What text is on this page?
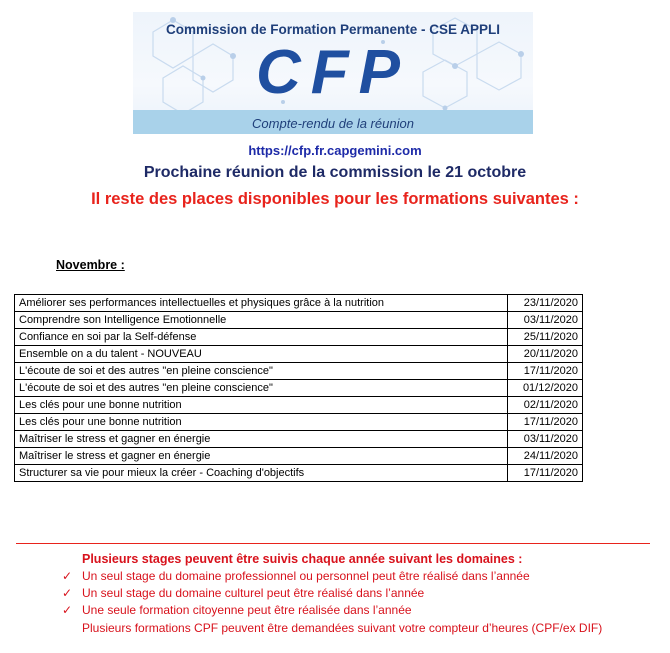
Commission de Formation Permanente - CSE APPLI
CFP
Compte-rendu de la réunion
https://cfp.fr.capgemini.com
Prochaine réunion de la commission le 21 octobre
Il reste des places disponibles pour les formations suivantes :
Novembre :
Améliorer ses performances intellectuelles et physiques grâce à la nutrition	23/11/2020
Comprendre son Intelligence Emotionnelle	03/11/2020
Confiance en soi par la Self-défense	25/11/2020
Ensemble on a du talent - NOUVEAU	20/11/2020
L'écoute de soi et des autres "en pleine conscience"	17/11/2020
L'écoute de soi et des autres "en pleine conscience"	01/12/2020
Les clés pour une bonne nutrition	02/11/2020
Les clés pour une bonne nutrition	17/11/2020
Maîtriser le stress et gagner en énergie	03/11/2020
Maîtriser le stress et gagner en énergie	24/11/2020
Structurer sa vie pour mieux la créer - Coaching d'objectifs	17/11/2020
Plusieurs stages peuvent être suivis chaque année suivant les domaines :
✓ Un seul stage du domaine professionnel ou personnel peut être réalisé dans l’année
✓ Un seul stage du domaine culturel peut être réalisé dans l’année
✓ Une seule formation citoyenne peut être réalisée dans l’année
Plusieurs formations CPF peuvent être demandées suivant votre compteur d’heures (CPF/ex DIF)
